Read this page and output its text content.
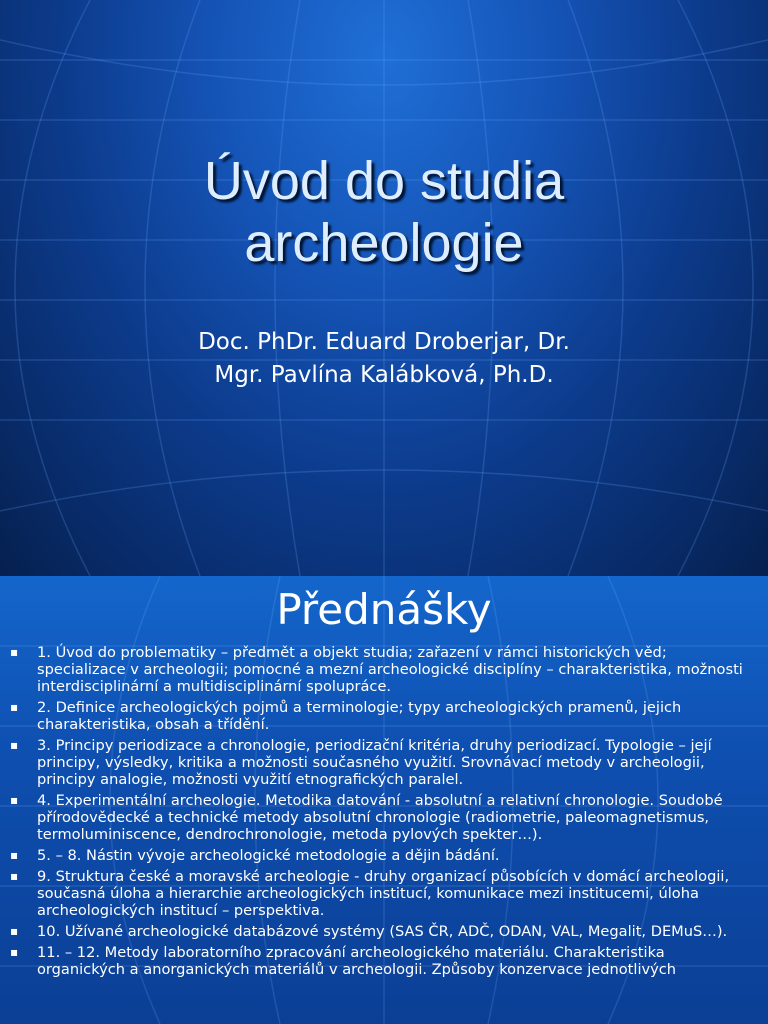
Úvod do studia
archeologie
Doc. PhDr. Eduard Droberjar, Dr.
Mgr. Pavlína Kalábková, Ph.D.
Přednášky
▪ 1. Úvod do problematiky – předmět a objekt studia; zařazení v rámci historických věd; specializace v archeologii; pomocné a mezní archeologické disciplíny – charakteristika, možnosti interdisciplinární a multidisciplinární spolupráce.
▪ 2. Definice archeologických pojmů a terminologie; typy archeologických pramenů, jejich charakteristika, obsah a třídění.
▪ 3. Principy periodizace a chronologie, periodizační kritéria, druhy periodizací. Typologie – její principy, výsledky, kritika a možnosti současného využití. Srovnávací metody v archeologii, principy analogie, možnosti využití etnografických paralel.
▪ 4. Experimentální archeologie. Metodika datování - absolutní a relativní chronologie. Soudobé přírodovědecké a technické metody absolutní chronologie (radiometrie, paleomagnetismus, termoluminiscence, dendrochronologie, metoda pylových spekter…).
▪ 5. – 8. Nástin vývoje archeologické metodologie a dějin bádání.
▪ 9. Struktura české a moravské archeologie - druhy organizací působících v domácí archeologii, současná úloha a hierarchie archeologických institucí, komunikace mezi institucemi, úloha archeologických institucí – perspektiva.
▪ 10. Užívané archeologické databázové systémy (SAS ČR, ADČ, ODAN, VAL, Megalit, DEMuS…).
▪ 11. – 12. Metody laboratorního zpracování archeologického materiálu. Charakteristika organických a anorganických materiálů v archeologii. Způsoby konzervace jednotlivých
